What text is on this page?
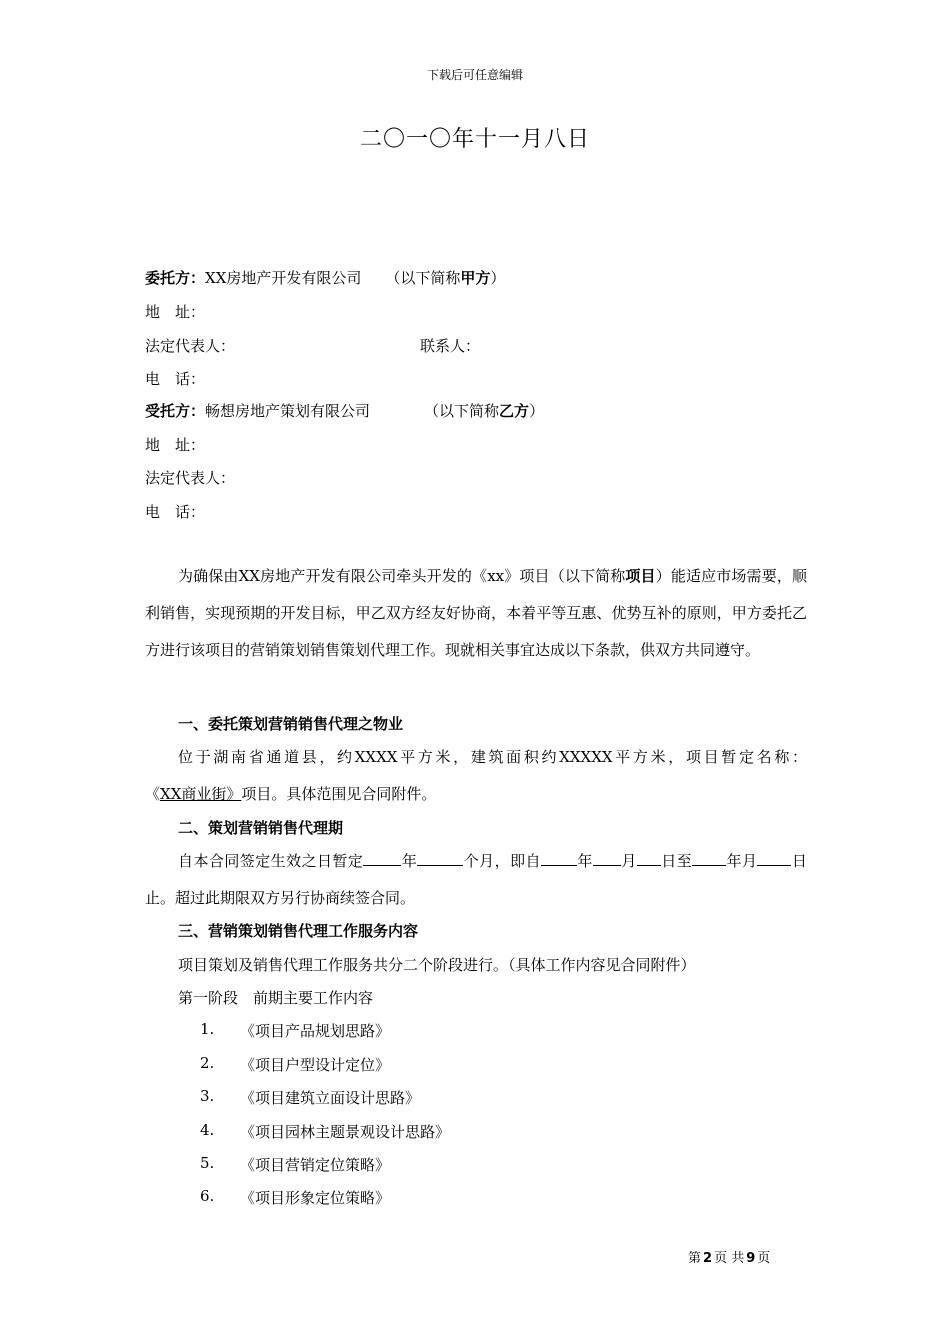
下载后可任意编辑
二〇一〇年十一月八日
委托方：XX房地产开发有限公司 （以下简称甲方）
地　址：
法定代表人：	联系人：
电　话：
受托方：畅想房地产策划有限公司	（以下简称乙方）
地　址：
法定代表人：
电　话：
为确保由XX房地产开发有限公司牵头开发的《xx》项目（以下简称项目）能适应市场需要，顺利销售，实现预期的开发目标，甲乙双方经友好协商，本着平等互惠、优势互补的原则，甲方委托乙方进行该项目的营销策划销售策划代理工作。现就相关事宜达成以下条款，供双方共同遵守。
一、委托策划营销销售代理之物业
位于湖南省通道县，约XXXX平方米，建筑面积约XXXXX平方米，项目暂定名称：《XX商业街》项目。具体范围见合同附件。
二、策划营销销售代理期
自本合同签定生效之日暂定	年	个月，即自 年 月 日至 年月 日止。超过此期限双方另行协商续签合同。
三、营销策划销售代理工作服务内容
项目策划及销售代理工作服务共分二个阶段进行。（具体工作内容见合同附件）
第一阶段　前期主要工作内容
1. 《项目产品规划思路》
2. 《项目户型设计定位》
3. 《项目建筑立面设计思路》
4. 《项目园林主题景观设计思路》
5. 《项目营销定位策略》
6. 《项目形象定位策略》
第 2 页 共 9 页
